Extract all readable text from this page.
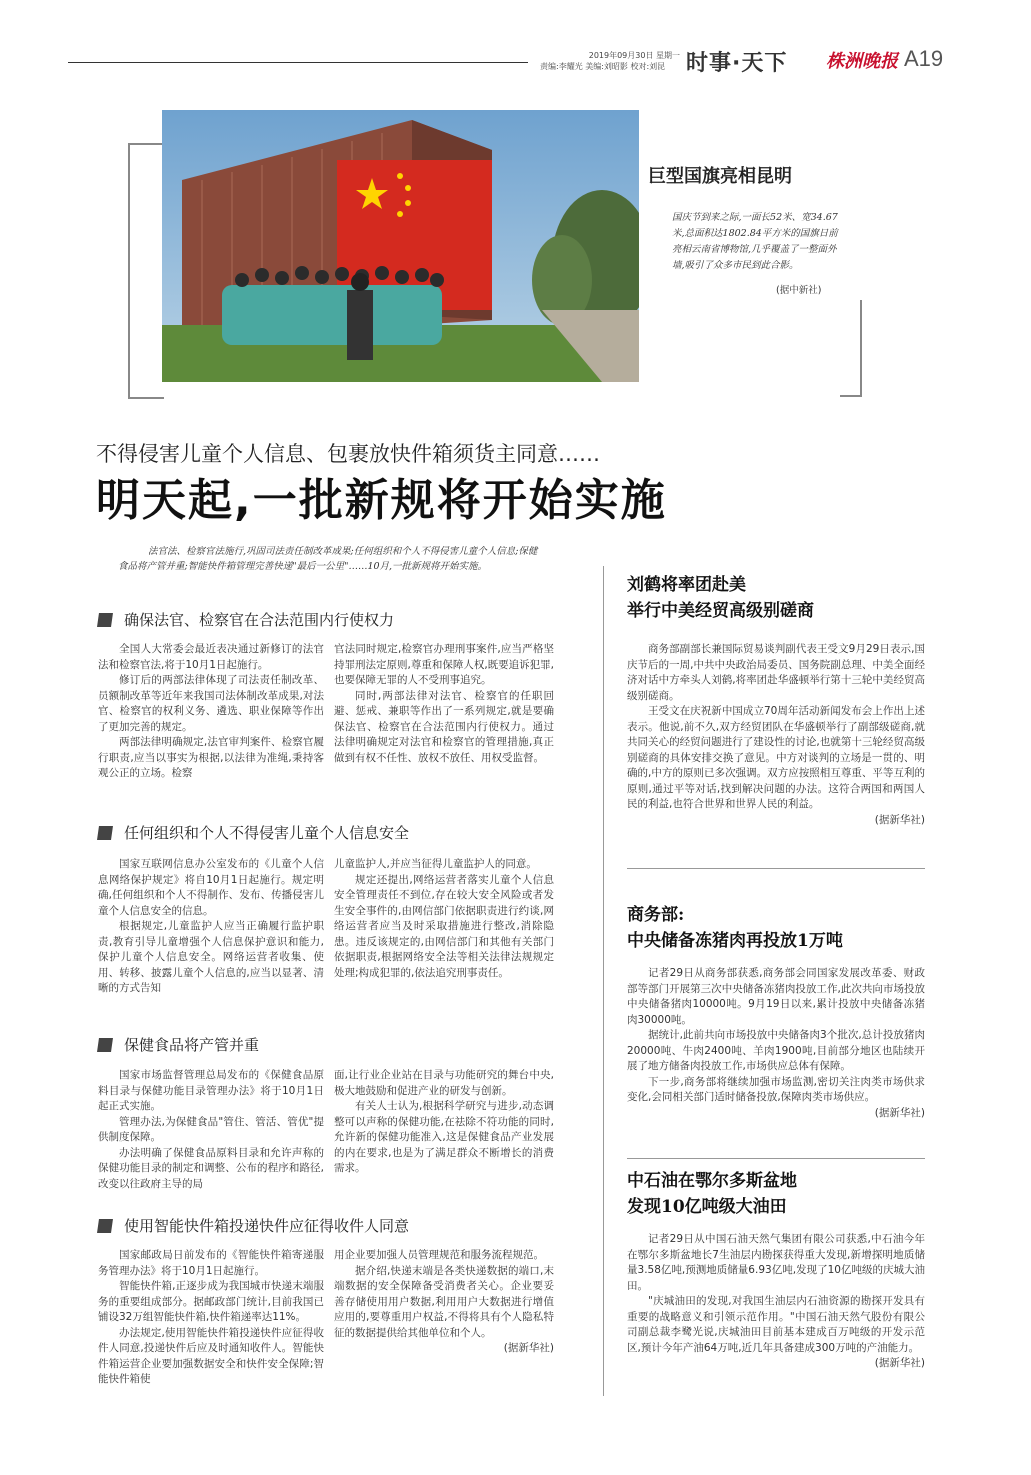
2019年09月30日 星期一
责编:李耀光 美编:刘昭影 校对:刘昆 时事·天下 株洲晚报 A19
巨型国旗亮相昆明
国庆节到来之际,一面长52米、宽34.67米,总面积达1802.84平方米的国旗日前亮相云南省博物馆,几乎覆盖了一整面外墙,吸引了众多市民到此合影。
(据中新社)
不得侵害儿童个人信息、包裹放快件箱须货主同意……
明天起,一批新规将开始实施
法官法、检察官法施行,巩固司法责任制改革成果;任何组织和个人不得侵害儿童个人信息;保健食品将产管并重;智能快件箱管理完善快递"最后一公里"……10月,一批新规将开始实施。
确保法官、检察官在合法范围内行使权力

全国人大常委会最近表决通过新修订的法官法和检察官法,将于10月1日起施行。

修订后的两部法律体现了司法责任制改革、员额制改革等近年来我国司法体制改革成果,对法官、检察官的权利义务、遴选、职业保障等作出了更加完善的规定。

两部法律明确规定,法官审判案件、检察官履行职责,应当以事实为根据,以法律为准绳,秉持客观公正的立场。检察

官法同时规定,检察官办理刑事案件,应当严格坚持罪刑法定原则,尊重和保障人权,既要追诉犯罪,也要保障无罪的人不受刑事追究。

同时,两部法律对法官、检察官的任职回避、惩戒、兼职等作出了一系列规定,就是要确保法官、检察官在合法范围内行使权力。通过法律明确规定对法官和检察官的管理措施,真正做到有权不任性、放权不放任、用权受监督。

任何组织和个人不得侵害儿童个人信息安全

国家互联网信息办公室发布的《儿童个人信息网络保护规定》将自10月1日起施行。规定明确,任何组织和个人不得制作、发布、传播侵害儿童个人信息安全的信息。

根据规定,儿童监护人应当正确履行监护职责,教育引导儿童增强个人信息保护意识和能力,保护儿童个人信息安全。网络运营者收集、使用、转移、披露儿童个人信息的,应当以显著、清晰的方式告知

儿童监护人,并应当征得儿童监护人的同意。

规定还提出,网络运营者落实儿童个人信息安全管理责任不到位,存在较大安全风险或者发生安全事件的,由网信部门依据职责进行约谈,网络运营者应当及时采取措施进行整改,消除隐患。违反该规定的,由网信部门和其他有关部门依据职责,根据网络安全法等相关法律法规规定处理;构成犯罪的,依法追究刑事责任。

保健食品将产管并重

国家市场监督管理总局发布的《保健食品原料目录与保健功能目录管理办法》将于10月1日起正式实施。

管理办法,为保健食品"管住、管活、管优"提供制度保障。

办法明确了保健食品原料目录和允许声称的保健功能目录的制定和调整、公布的程序和路径,改变以往政府主导的局

面,让行业企业站在目录与功能研究的舞台中央,极大地鼓励和促进产业的研发与创新。

有关人士认为,根据科学研究与进步,动态调整可以声称的保健功能,在祛除不符功能的同时,允许新的保健功能准入,这是保健食品产业发展的内在要求,也是为了满足群众不断增长的消费需求。

使用智能快件箱投递快件应征得收件人同意

国家邮政局日前发布的《智能快件箱寄递服务管理办法》将于10月1日起施行。

智能快件箱,正逐步成为我国城市快递末端服务的重要组成部分。据邮政部门统计,目前我国已铺设32万组智能快件箱,快件箱递率达11%。

办法规定,使用智能快件箱投递快件应征得收件人同意,投递快件后应及时通知收件人。智能快件箱运营企业要加强数据安全和快件安全保障;智能快件箱使

用企业要加强人员管理规范和服务流程规范。

据介绍,快递末端是各类快递数据的端口,末端数据的安全保障备受消费者关心。企业要妥善存储使用用户数据,利用用户大数据进行增值应用的,要尊重用户权益,不得将具有个人隐私特征的数据提供给其他单位和个人。

(据新华社)

刘鹤将率团赴美
举行中美经贸高级别磋商

商务部副部长兼国际贸易谈判副代表王受文9月29日表示,国庆节后的一周,中共中央政治局委员、国务院副总理、中美全面经济对话中方牵头人刘鹤,将率团赴华盛顿举行第十三轮中美经贸高级别磋商。

王受文在庆祝新中国成立70周年活动新闻发布会上作出上述表示。他说,前不久,双方经贸团队在华盛顿举行了副部级磋商,就共同关心的经贸问题进行了建设性的讨论,也就第十三轮经贸高级别磋商的具体安排交换了意见。中方对谈判的立场是一贯的、明确的,中方的原则已多次强调。双方应按照相互尊重、平等互利的原则,通过平等对话,找到解决问题的办法。这符合两国和两国人民的利益,也符合世界和世界人民的利益。

(据新华社)

商务部:
中央储备冻猪肉再投放1万吨

记者29日从商务部获悉,商务部会同国家发展改革委、财政部等部门开展第三次中央储备冻猪肉投放工作,此次共向市场投放中央储备猪肉10000吨。9月19日以来,累计投放中央储备冻猪肉30000吨。

据统计,此前共向市场投放中央储备肉3个批次,总计投放猪肉20000吨、牛肉2400吨、羊肉1900吨,目前部分地区也陆续开展了地方储备肉投放工作,市场供应总体有保障。

下一步,商务部将继续加强市场监测,密切关注肉类市场供求变化,会同相关部门适时储备投放,保障肉类市场供应。

(据新华社)

中石油在鄂尔多斯盆地
发现10亿吨级大油田

记者29日从中国石油天然气集团有限公司获悉,中石油今年在鄂尔多斯盆地长7生油层内勘探获得重大发现,新增探明地质储量3.58亿吨,预测地质储量6.93亿吨,发现了10亿吨级的庆城大油田。

"庆城油田的发现,对我国生油层内石油资源的勘探开发具有重要的战略意义和引领示范作用。"中国石油天然气股份有限公司副总裁李鹭光说,庆城油田目前基本建成百万吨级的开发示范区,预计今年产油64万吨,近几年具备建成300万吨的产油能力。

(据新华社)
